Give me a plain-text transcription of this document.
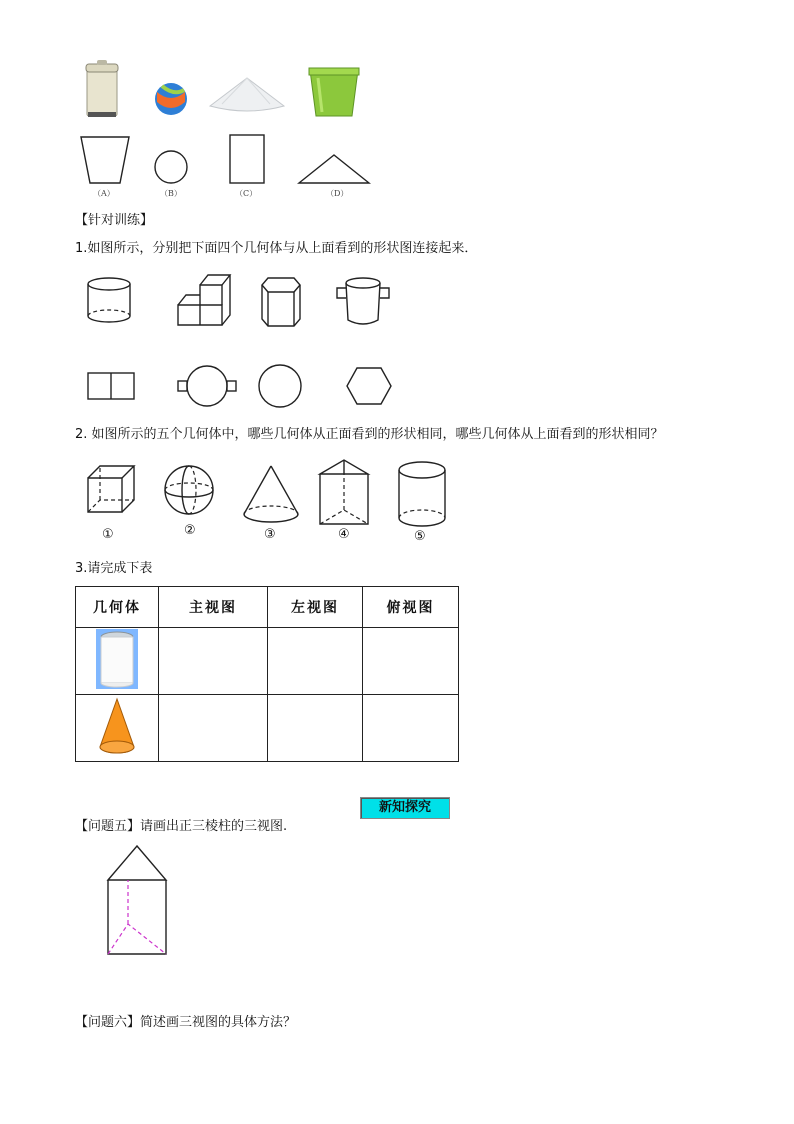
（A）	（B）	（C）	（D）
【针对训练】
1.如图所示，分别把下面四个几何体与从上面看到的形状图连接起来．
2. 如图所示的五个几何体中，哪些几何体从正面看到的形状相同，哪些几何体从上面看到的形状相同？
①	②	③	④	⑤
3.请完成下表
几何体	主视图	左视图	俯视图

新知探究
【问题五】请画出正三棱柱的三视图.
【问题六】简述画三视图的具体方法？
